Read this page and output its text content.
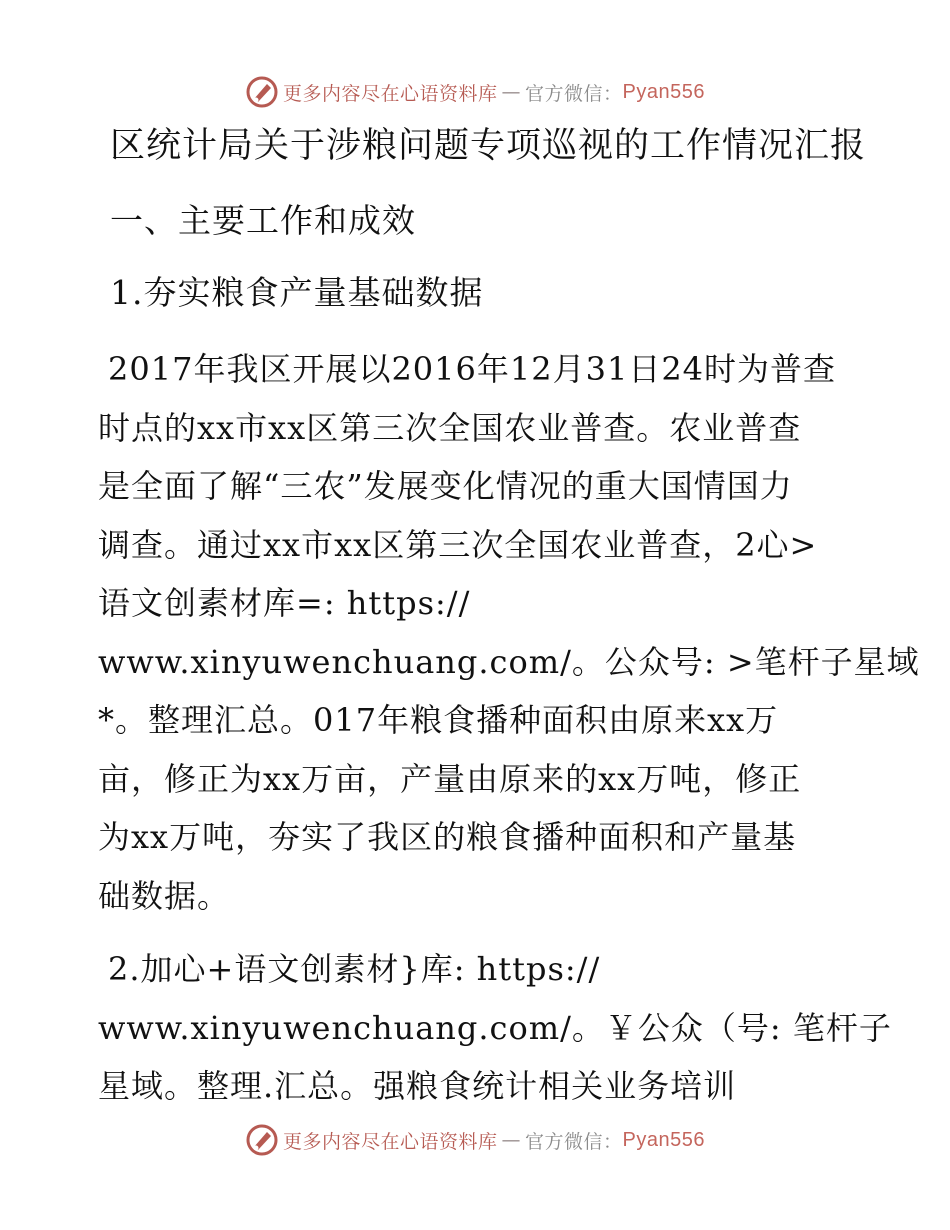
更多内容尽在心语资料库 — 官方微信： Pyan556
区统计局关于涉粮问题专项巡视的工作情况汇报
一、主要工作和成效
1.夯实粮食产量基础数据
2017年我区开展以2016年12月31日24时为普查
时点的xx市xx区第三次全国农业普查。农业普查
是全面了解“三农”发展变化情况的重大国情国力
调查。通过xx市xx区第三次全国农业普查，2心>
语文创素材库=: https://
www.xinyuwenchuang.com/。公众号: >笔杆子星域
*。整理汇总。017年粮食播种面积由原来xx万
亩，修正为xx万亩，产量由原来的xx万吨，修正
为xx万吨，夯实了我区的粮食播种面积和产量基
础数据。
2.加心+语文创素材}库: https://
www.xinyuwenchuang.com/。￥公众（号: 笔杆子
星域。整理.汇总。强粮食统计相关业务培训
更多内容尽在心语资料库 — 官方微信： Pyan556
